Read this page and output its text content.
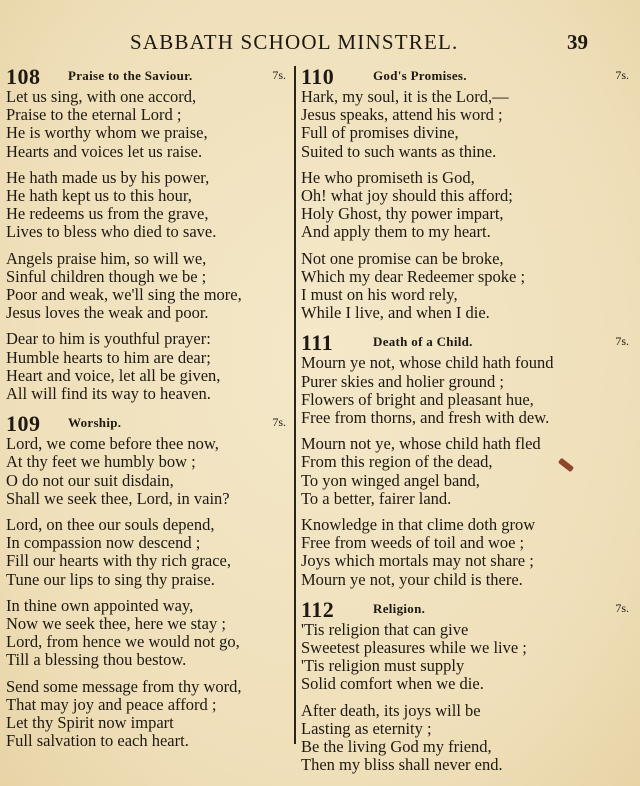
SABBATH SCHOOL MINSTREL.	39
108 Praise to the Saviour.	7s.
Let us sing, with one accord,
Praise to the eternal Lord ;
He is worthy whom we praise,
Hearts and voices let us raise.
He hath made us by his power,
He hath kept us to this hour,
He redeems us from the grave,
Lives to bless who died to save.
Angels praise him, so will we,
Sinful children though we be ;
Poor and weak, we'll sing the more,
Jesus loves the weak and poor.
Dear to him is youthful prayer:
Humble hearts to him are dear;
Heart and voice, let all be given,
All will find its way to heaven.
109 Worship.	7s.
Lord, we come before thee now,
At thy feet we humbly bow ;
O do not our suit disdain,
Shall we seek thee, Lord, in vain?
Lord, on thee our souls depend,
In compassion now descend ;
Fill our hearts with thy rich grace,
Tune our lips to sing thy praise.
In thine own appointed way,
Now we seek thee, here we stay ;
Lord, from hence we would not go,
Till a blessing thou bestow.
Send some message from thy word,
That may joy and peace afford ;
Let thy Spirit now impart
Full salvation to each heart.
110	God's Promises.	7s.
Hark, my soul, it is the Lord,—
Jesus speaks, attend his word ;
Full of promises divine,
Suited to such wants as thine.
He who promiseth is God,
Oh! what joy should this afford;
Holy Ghost, thy power impart,
And apply them to my heart.
Not one promise can be broke,
Which my dear Redeemer spoke ;
I must on his word rely,
While I live, and when I die.
111	Death of a Child.	7s.
Mourn ye not, whose child hath found
Purer skies and holier ground ;
Flowers of bright and pleasant hue,
Free from thorns, and fresh with dew.
Mourn not ye, whose child hath fled
From this region of the dead,
To yon winged angel band,
To a better, fairer land.
Knowledge in that clime doth grow
Free from weeds of toil and woe ;
Joys which mortals may not share ;
Mourn ye not, your child is there.
112	Religion.	7s.
'Tis religion that can give
Sweetest pleasures while we live ;
'Tis religion must supply
Solid comfort when we die.
After death, its joys will be
Lasting as eternity ;
Be the living God my friend,
Then my bliss shall never end.
